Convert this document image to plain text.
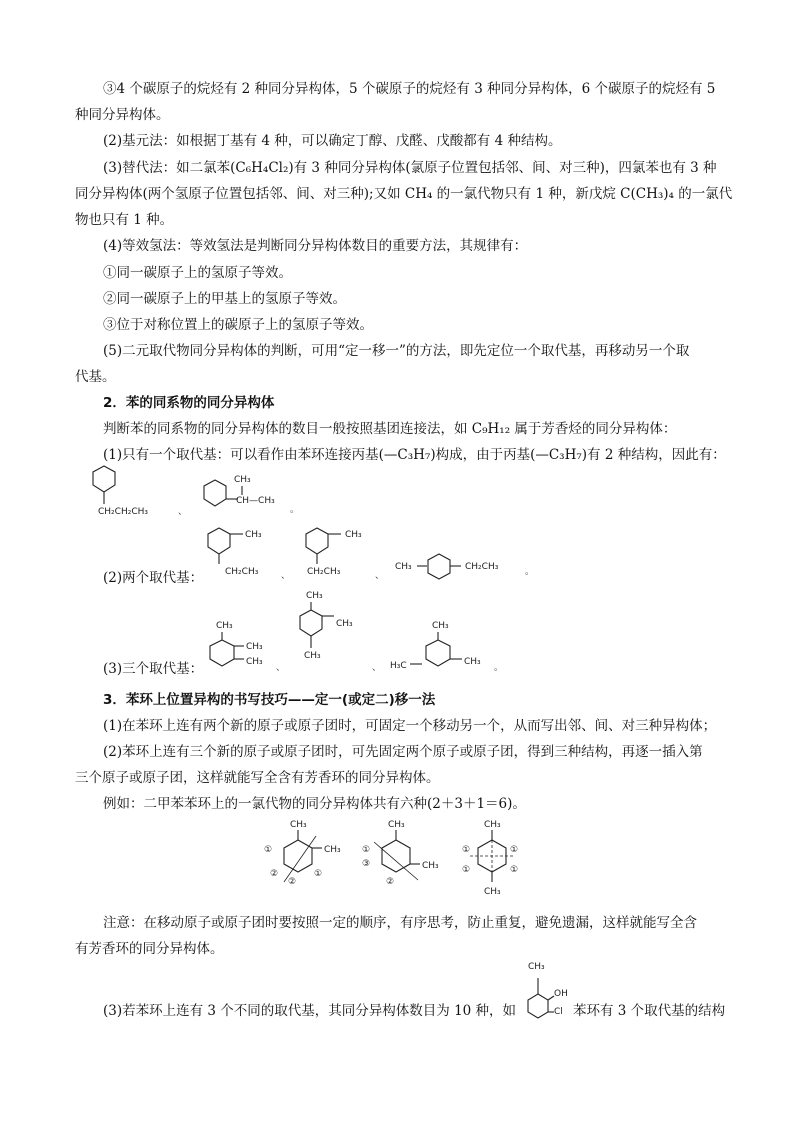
③4 个碳原子的烷烃有 2 种同分异构体，5 个碳原子的烷烃有 3 种同分异构体，6 个碳原子的烷烃有 5
种同分异构体。
(2)基元法：如根据丁基有 4 种，可以确定丁醇、戊醛、戊酸都有 4 种结构。
(3)替代法：如二氯苯(C₆H₄Cl₂)有 3 种同分异构体(氯原子位置包括邻、间、对三种)，四氯苯也有 3 种
同分异构体(两个氢原子位置包括邻、间、对三种);又如 CH₄ 的一氯代物只有 1 种，新戊烷 C(CH₃)₄ 的一氯代
物也只有 1 种。
(4)等效氢法：等效氢法是判断同分异构体数目的重要方法，其规律有：
①同一碳原子上的氢原子等效。
②同一碳原子上的甲基上的氢原子等效。
③位于对称位置上的碳原子上的氢原子等效。
(5)二元取代物同分异构体的判断，可用“定一移一”的方法，即先定位一个取代基，再移动另一个取
代基。
2．苯的同系物的同分异构体
判断苯的同系物的同分异构体的数目一般按照基团连接法，如 C₉H₁₂ 属于芳香烃的同分异构体：
(1)只有一个取代基：可以看作由苯环连接丙基(—C₃H₇)构成，由于丙基(—C₃H₇)有 2 种结构，因此有：
CH₂CH₂CH₃	、
CH₃
CH—CH₃
。
(2)两个取代基：
CH₃
CH₂CH₃	、
CH₃
CH₂CH₃	、
CH₃	CH₂CH₃	。
(3)三个取代基：
CH₃
CH₃
CH₃
、
CH₃
CH₃
CH₃
、 H₃C
CH₃
CH₃
。
3．苯环上位置异构的书写技巧——定一(或定二)移一法
(1)在苯环上连有两个新的原子或原子团时，可固定一个移动另一个，从而写出邻、间、对三种异构体；
(2)苯环上连有三个新的原子或原子团时，可先固定两个原子或原子团，得到三种结构，再逐一插入第
三个原子或原子团，这样就能写全含有芳香环的同分异构体。
例如：二甲苯苯环上的一氯代物的同分异构体共有六种(2＋3＋1＝6)。
CH₃
CH₃
①
②
②
①
CH₃
CH₃
①
③
②
CH₃
CH₃
①	①
①	①
注意：在移动原子或原子团时要按照一定的顺序，有序思考，防止重复，避免遗漏，这样就能写全含
有芳香环的同分异构体。
CH₃
OH
Cl
(3)若苯环上连有 3 个不同的取代基，其同分异构体数目为 10 种，如	苯环有 3 个取代基的结构
